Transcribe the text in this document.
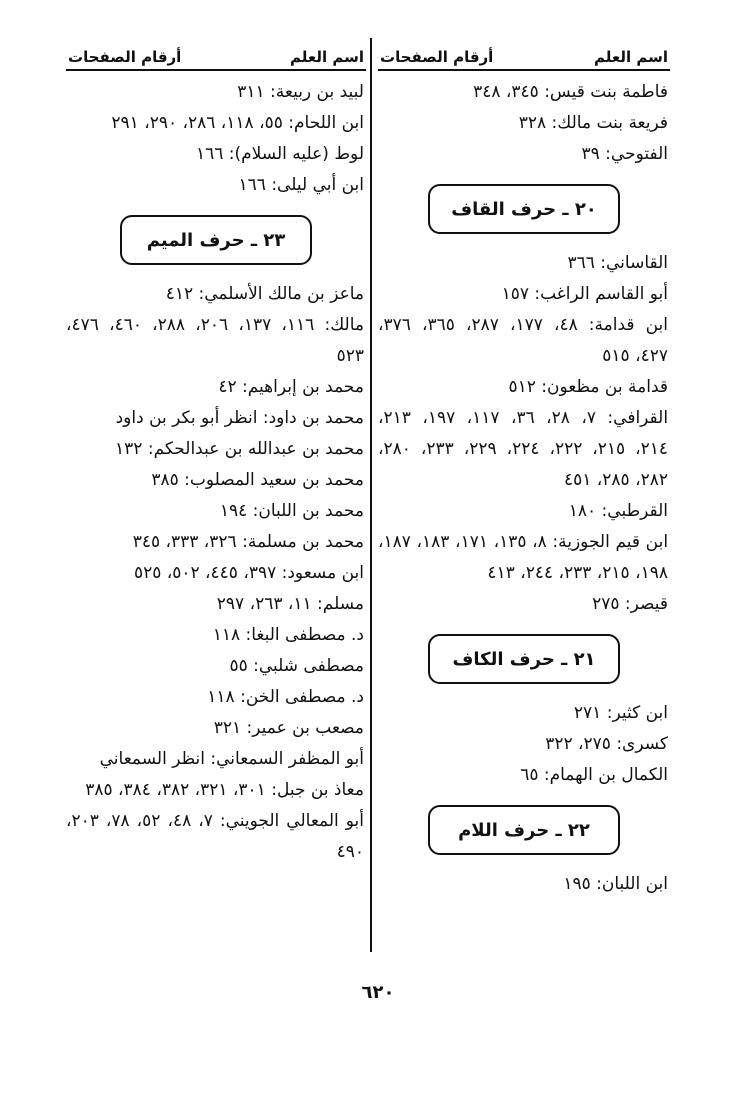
اسم العلم
أرقام الصفحات
فاطمة بنت قيس: ٣٤٥، ٣٤٨
فريعة بنت مالك: ٣٢٨
الفتوحي: ٣٩
٢٠ ـ حرف القاف
القاساني: ٣٦٦
أبو القاسم الراغب: ١٥٧
ابن قدامة: ٤٨، ١٧٧، ٢٨٧، ٣٦٥، ٣٧٦، ٤٢٧، ٥١٥
قدامة بن مظعون: ٥١٢
القرافي: ٧، ٢٨، ٣٦، ١١٧، ١٩٧، ٢١٣، ٢١٤، ٢١٥، ٢٢٢، ٢٢٤، ٢٢٩، ٢٣٣، ٢٨٠، ٢٨٢، ٢٨٥، ٤٥١
القرطبي: ١٨٠
ابن قيم الجوزية: ٨، ١٣٥، ١٧١، ١٨٣، ١٨٧، ١٩٨، ٢١٥، ٢٣٣، ٢٤٤، ٤١٣
قيصر: ٢٧٥
٢١ ـ حرف الكاف
ابن كثير: ٢٧١
كسرى: ٢٧٥، ٣٢٢
الكمال بن الهمام: ٦٥
٢٢ ـ حرف اللام
ابن اللبان: ١٩٥
اسم العلم
أرقام الصفحات
لبيد بن ربيعة: ٣١١
ابن اللحام: ٥٥، ١١٨، ٢٨٦، ٢٩٠، ٢٩١
لوط (عليه السلام): ١٦٦
ابن أبي ليلى: ١٦٦
٢٣ ـ حرف الميم
ماعز بن مالك الأسلمي: ٤١٢
مالك: ١١٦، ١٣٧، ٢٠٦، ٢٨٨، ٤٦٠، ٤٧٦، ٥٢٣
محمد بن إبراهيم: ٤٢
محمد بن داود: انظر أبو بكر بن داود
محمد بن عبدالله بن عبدالحكم: ١٣٢
محمد بن سعيد المصلوب: ٣٨٥
محمد بن اللبان: ١٩٤
محمد بن مسلمة: ٣٢٦، ٣٣٣، ٣٤٥
ابن مسعود: ٣٩٧، ٤٤٥، ٥٠٢، ٥٢٥
مسلم: ١١، ٢٦٣، ٢٩٧
د. مصطفى البغا: ١١٨
مصطفى شلبي: ٥٥
د. مصطفى الخن: ١١٨
مصعب بن عمير: ٣٢١
أبو المظفر السمعاني: انظر السمعاني
معاذ بن جبل: ٣٠١، ٣٢١، ٣٨٢، ٣٨٤، ٣٨٥
أبو المعالي الجويني: ٧، ٤٨، ٥٢، ٧٨، ٢٠٣، ٤٩٠
٦٢٠
